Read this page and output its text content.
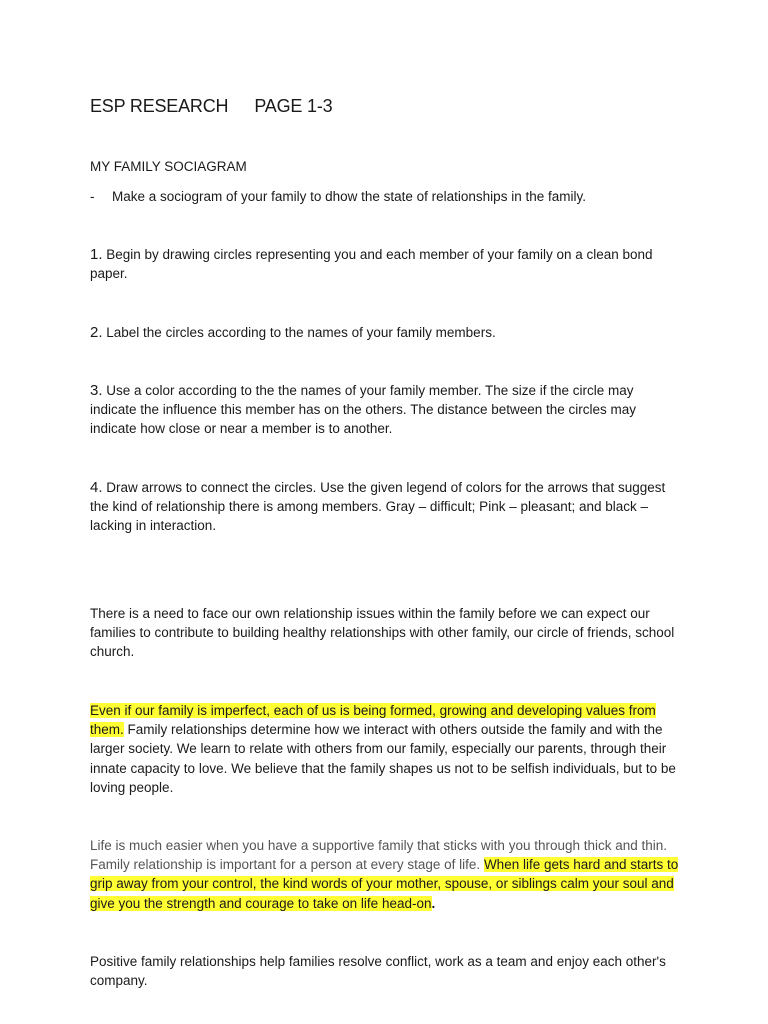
ESP RESEARCH PAGE 1-3
MY FAMILY SOCIAGRAM
- Make a sociogram of your family to dhow the state of relationships in the family.
1. Begin by drawing circles representing you and each member of your family on a clean bond paper.
2. Label the circles according to the names of your family members.
3. Use a color according to the the names of your family member. The size if the circle may indicate the influence this member has on the others. The distance between the circles may indicate how close or near a member is to another.
4. Draw arrows to connect the circles. Use the given legend of colors for the arrows that suggest the kind of relationship there is among members. Gray – difficult; Pink – pleasant; and black – lacking in interaction.
There is a need to face our own relationship issues within the family before we can expect our families to contribute to building healthy relationships with other family, our circle of friends, school church.
Even if our family is imperfect, each of us is being formed, growing and developing values from them. Family relationships determine how we interact with others outside the family and with the larger society. We learn to relate with others from our family, especially our parents, through their innate capacity to love. We believe that the family shapes us not to be selfish individuals, but to be loving people.
Life is much easier when you have a supportive family that sticks with you through thick and thin. Family relationship is important for a person at every stage of life. When life gets hard and starts to grip away from your control, the kind words of your mother, spouse, or siblings calm your soul and give you the strength and courage to take on life head-on.
Positive family relationships help families resolve conflict, work as a team and enjoy each other's company.
